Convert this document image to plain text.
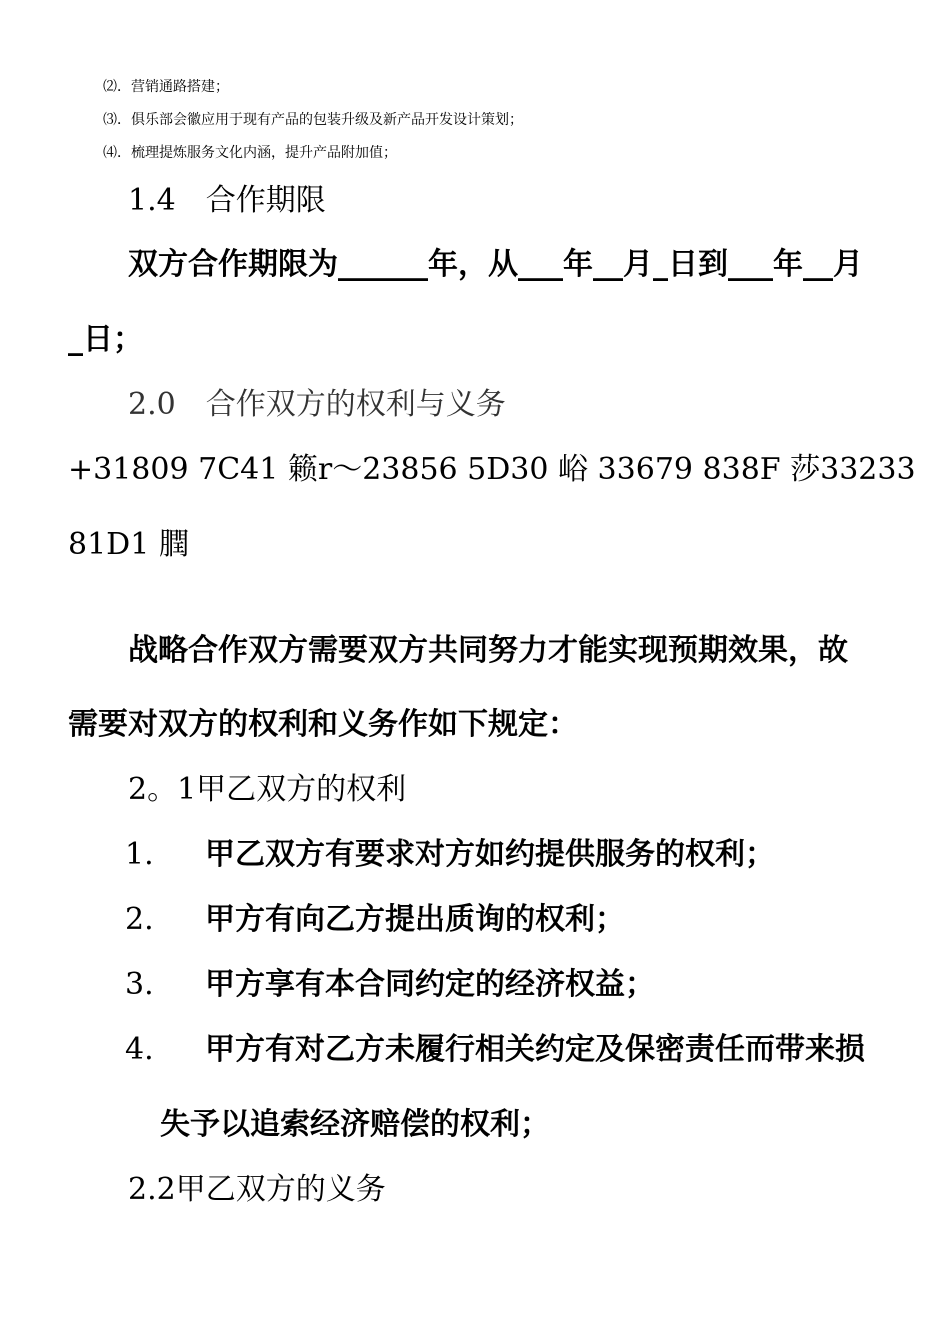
⑵．营销通路搭建；
⑶．俱乐部会徽应用于现有产品的包装升级及新产品开发设计策划；
⑷．梳理提炼服务文化内涵，提升产品附加值；
1.4　合作期限
双方合作期限为______年，从___年__月_日到___年__月
_日；
2.0　合作双方的权利与义务
+31809 7C41 籁r～23856 5D30 峪 33679 838F 莎33233
81D1 膶
战略合作双方需要双方共同努力才能实现预期效果，故
需要对双方的权利和义务作如下规定：
2。1甲乙双方的权利
1. 甲乙双方有要求对方如约提供服务的权利；
2. 甲方有向乙方提出质询的权利；
3. 甲方享有本合同约定的经济权益；
4. 甲方有对乙方未履行相关约定及保密责任而带来损
失予以追索经济赔偿的权利；
2.2甲乙双方的义务
